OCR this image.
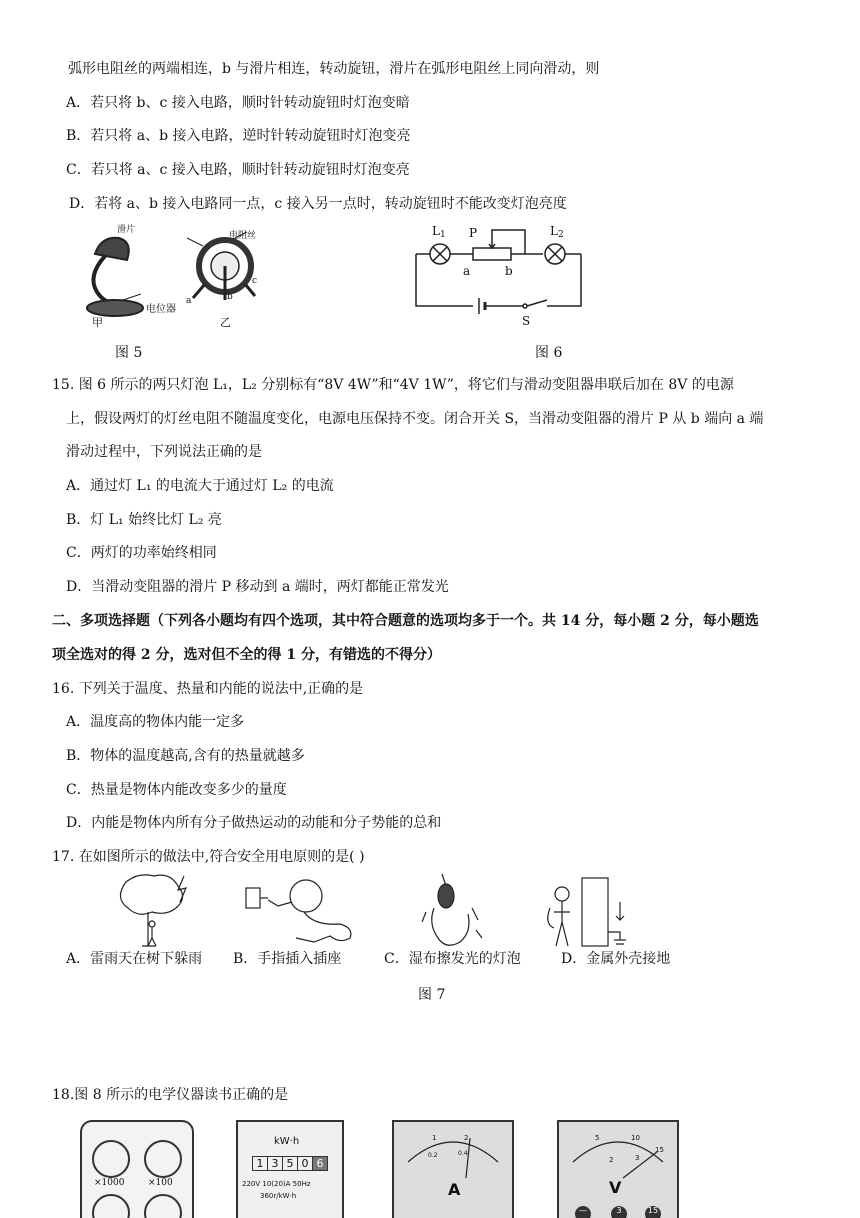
弧形电阻丝的两端相连，b 与滑片相连，转动旋钮，滑片在弧形电阻丝上同向滑动，则
A．若只将 b、c 接入电路，顺时针转动旋钮时灯泡变暗
B．若只将 a、b 接入电路，逆时针转动旋钮时灯泡变亮
C．若只将 a、c 接入电路，顺时针转动旋钮时灯泡变亮
D．若将 a、b 接入电路同一点，c 接入另一点时，转动旋钮时不能改变灯泡亮度
滑片
电阻丝
a	b
c
电位器
甲	乙
图 5
$L_1$ P	$L_2$
a	b
S
图 6
15. 图 6 所示的两只灯泡 L₁，L₂ 分别标有“8V 4W”和“4V 1W”，将它们与滑动变阻器串联后加在 8V 的电源
上，假设两灯的灯丝电阻不随温度变化，电源电压保持不变。闭合开关 S，当滑动变阻器的滑片 P 从 b 端向 a 端
滑动过程中，下列说法正确的是
A．通过灯 L₁ 的电流大于通过灯 L₂ 的电流
B．灯 L₁ 始终比灯 L₂ 亮
C．两灯的功率始终相同
D．当滑动变阻器的滑片 P 移动到 a 端时，两灯都能正常发光
二、多项选择题（下列各小题均有四个选项，其中符合题意的选项均多于一个。共 14 分，每小题 2 分，每小题选
项全选对的得 2 分，选对但不全的得 1 分，有错选的不得分）
16. 下列关于温度、热量和内能的说法中,正确的是
A．温度高的物体内能一定多
B．物体的温度越高,含有的热量就越多
C．热量是物体内能改变多少的量度
D．内能是物体内所有分子做热运动的动能和分子势能的总和
17. 在如图所示的做法中,符合安全用电原则的是( )
A．雷雨天在树下躲雨 B．手指插入插座	C．湿布擦发光的灯泡	D．金属外壳接地
图 7
18.图 8 所示的电学仪器读书正确的是
×1000	×100
kW·h
1 3 5 0 6
220V 10(20)A 50Hz
360r/kW·h
1	2
0.2	0.4
A
5	10
15
2	3
V
—	3	15
